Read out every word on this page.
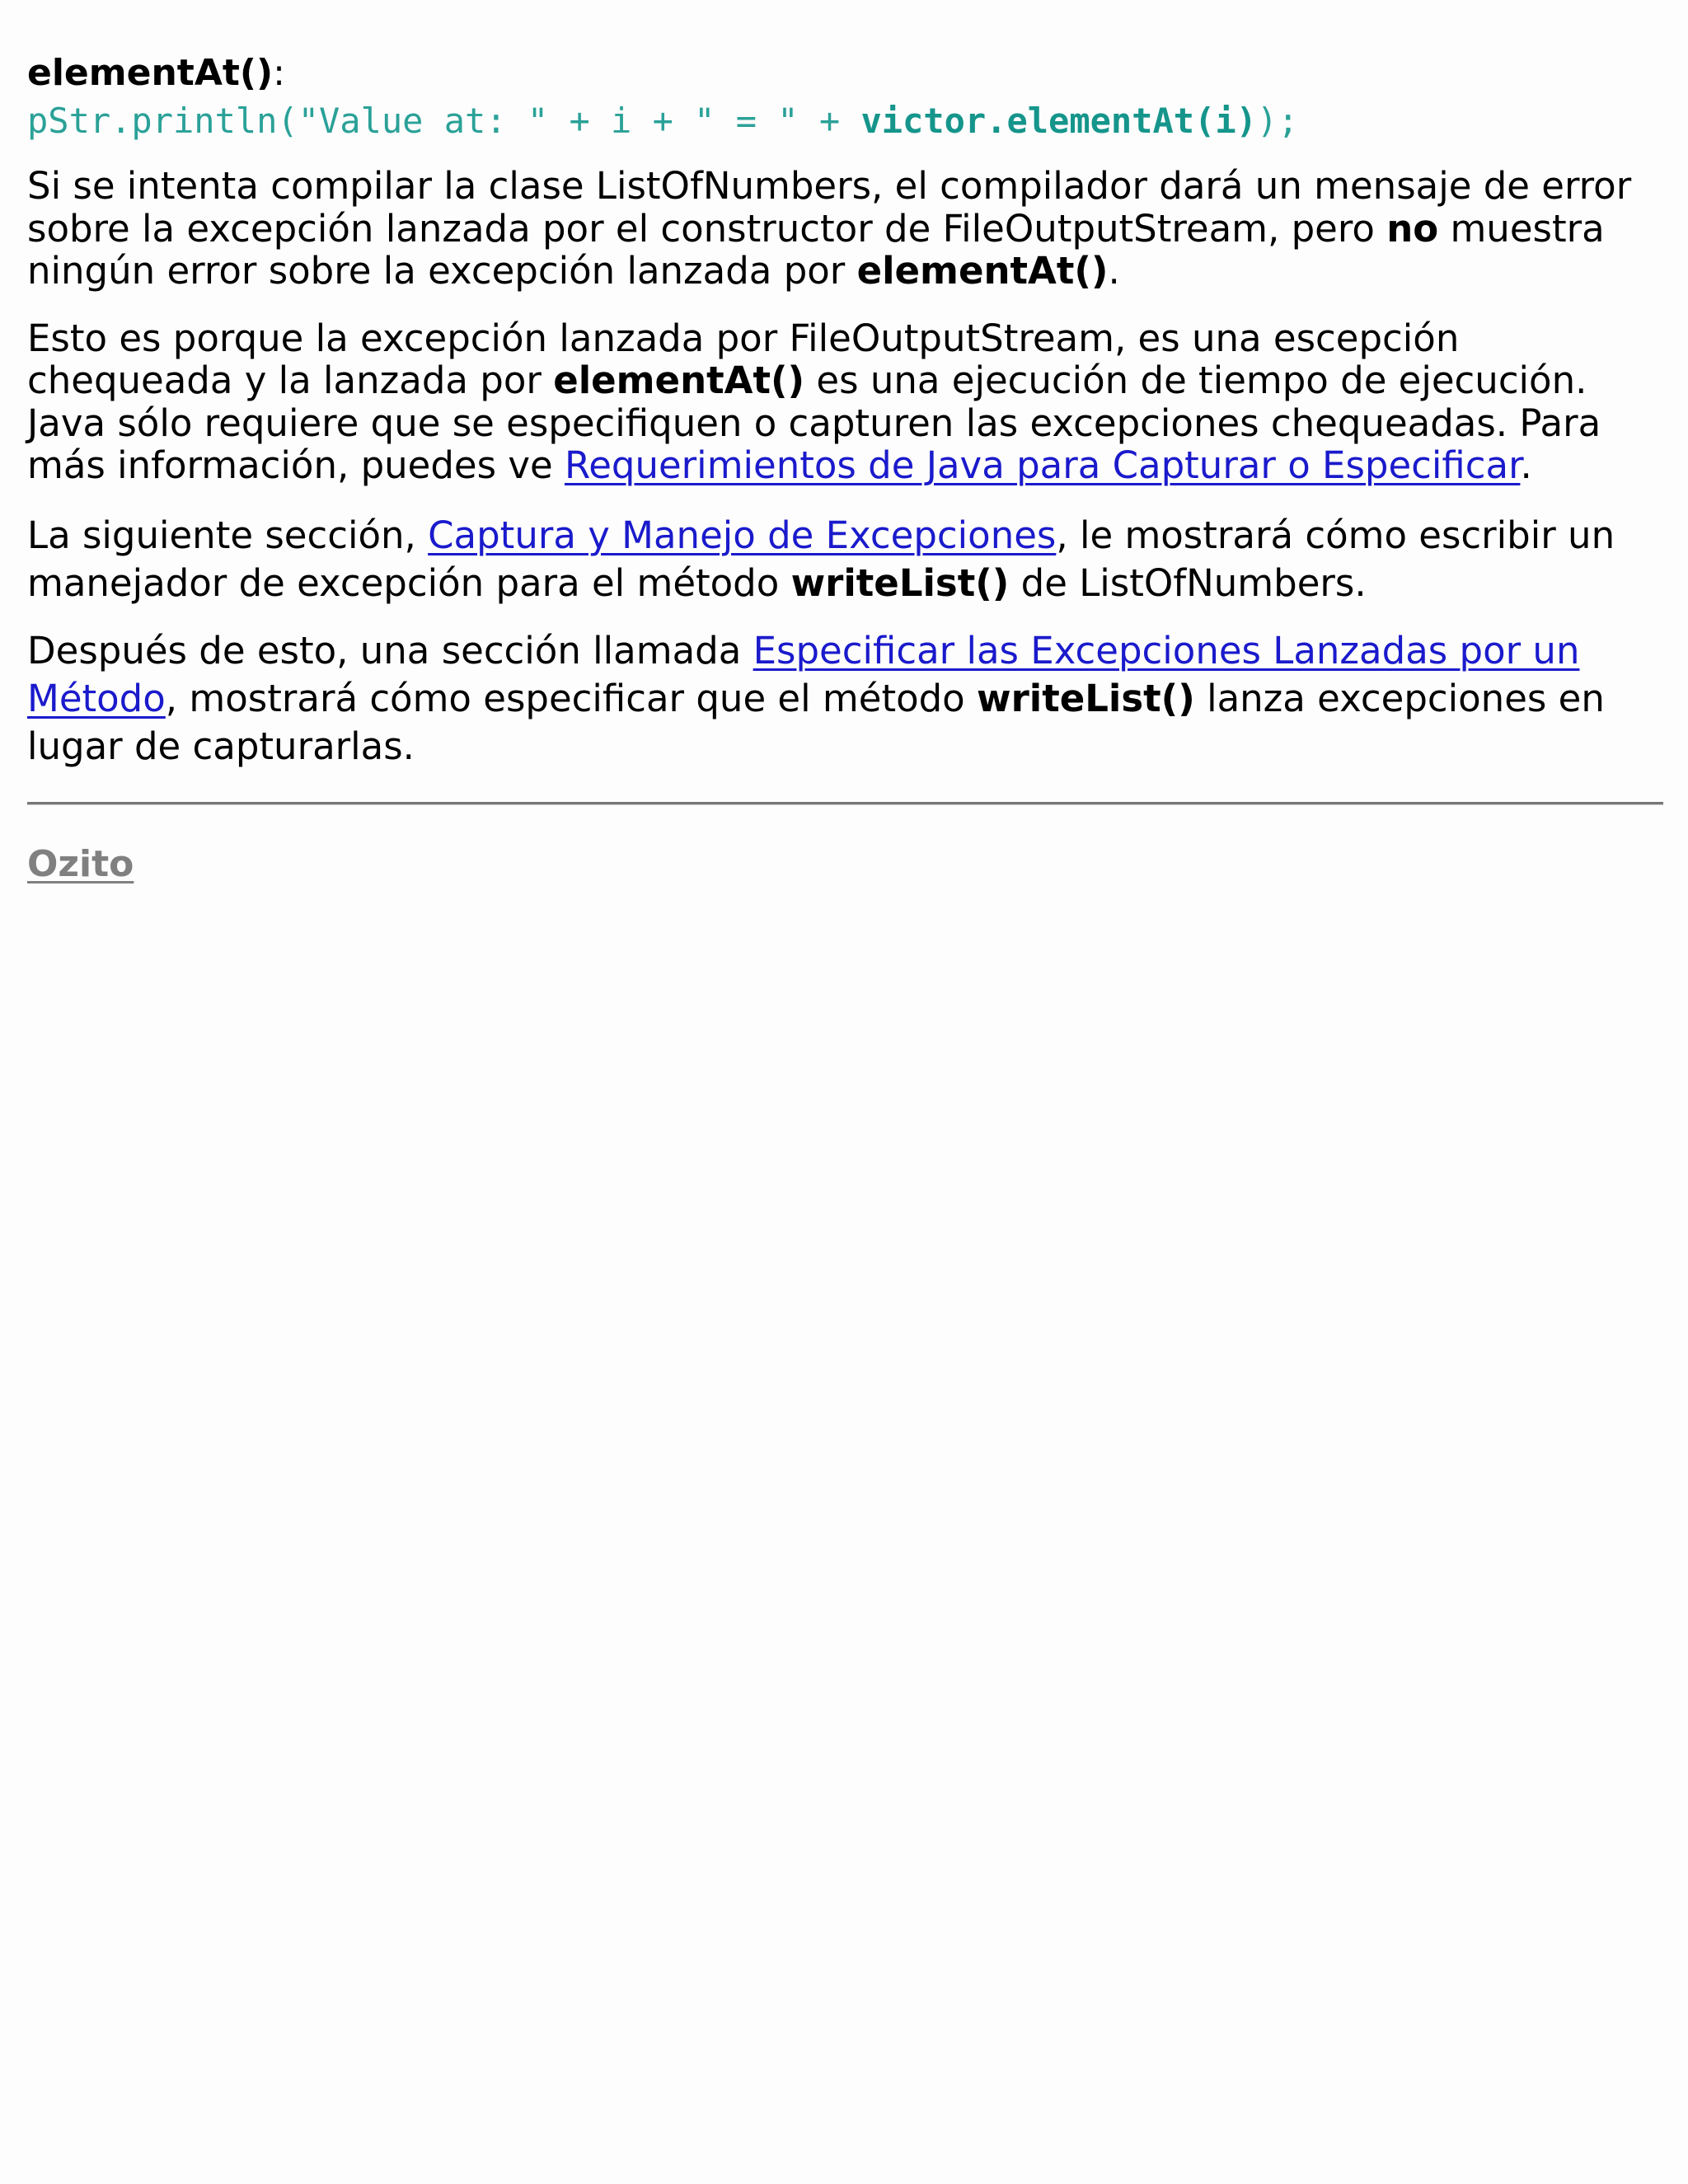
elementAt():
pStr.println("Value at: " + i + " = " + victor.elementAt(i));

Si se intenta compilar la clase ListOfNumbers, el compilador dará un mensaje de error sobre la excepción lanzada por el constructor de FileOutputStream, pero no muestra ningún error sobre la excepción lanzada por elementAt().

Esto es porque la excepción lanzada por FileOutputStream, es una escepción chequeada y la lanzada por elementAt() es una ejecución de tiempo de ejecución. Java sólo requiere que se especifiquen o capturen las excepciones chequeadas. Para más información, puedes ve Requerimientos de Java para Capturar o Especificar.

La siguiente sección, Captura y Manejo de Excepciones, le mostrará cómo escribir un manejador de excepción para el método writeList() de ListOfNumbers.

Después de esto, una sección llamada Especificar las Excepciones Lanzadas por un Método, mostrará cómo especificar que el método writeList() lanza excepciones en lugar de capturarlas.

Ozito
